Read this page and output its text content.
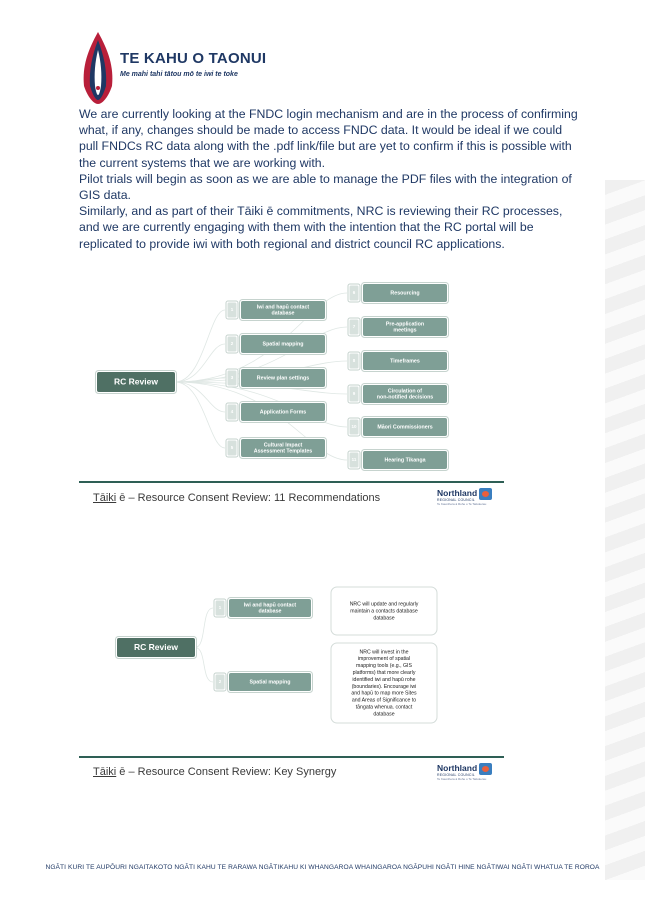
TE KAHU O TAONUI
Me mahi tahi tātou mō te iwi te toke

We are currently looking at the FNDC login mechanism and are in the process of confirming what, if any, changes should be made to access FNDC data. It would be ideal if we could pull FNDCs RC data along with the .pdf link/file but are yet to confirm if this is possible with the current systems that we are working with.

Pilot trials will begin as soon as we are able to manage the PDF files with the integration of GIS data.

Similarly, and as part of their Tāiki ē commitments, NRC is reviewing their RC processes, and we are currently engaging with them with the intention that the RC portal will be replicated to provide iwi with both regional and district council RC applications.

RC Review
1	Iwi and hapū contact database
2	Spatial mapping
3	Review plan settings
4	Application Forms
5	Cultural Impact Assessment Templates
6	Resourcing
7	Pre-application meetings
8	Timeframes
9	Circulation of non-notified decisions
10	Māori Commissioners
11	Hearing Tikanga
Tāiki ē – Resource Consent Review: 11 Recommendations	Northland
REGIONAL COUNCIL
Te Kaunihera ā Rohe o Te Taitokerau
RC Review
1	Iwi and hapū contact database
NRC will update and regularly maintain a contacts database database
2	Spatial mapping
NRC will invest in the improvement of spatial mapping tools (e.g., GIS platforms) that more clearly identified iwi and hapū rohe (boundaries). Encourage iwi and hapū to map more Sites and Areas of Significance to tāngata whenua. contact database
Tāiki ē – Resource Consent Review: Key Synergy	Northland
REGIONAL COUNCIL
Te Kaunihera ā Rohe o Te Taitokerau
NGĀTI KURI TE AUPŌURI NGAITAKOTO NGĀTI KAHU TE RARAWA NGĀTIKAHU KI WHANGAROA WHAINGAROA NGĀPUHI NGĀTI HINE NGĀTIWAI NGĀTI WHATUA TE ROROA
